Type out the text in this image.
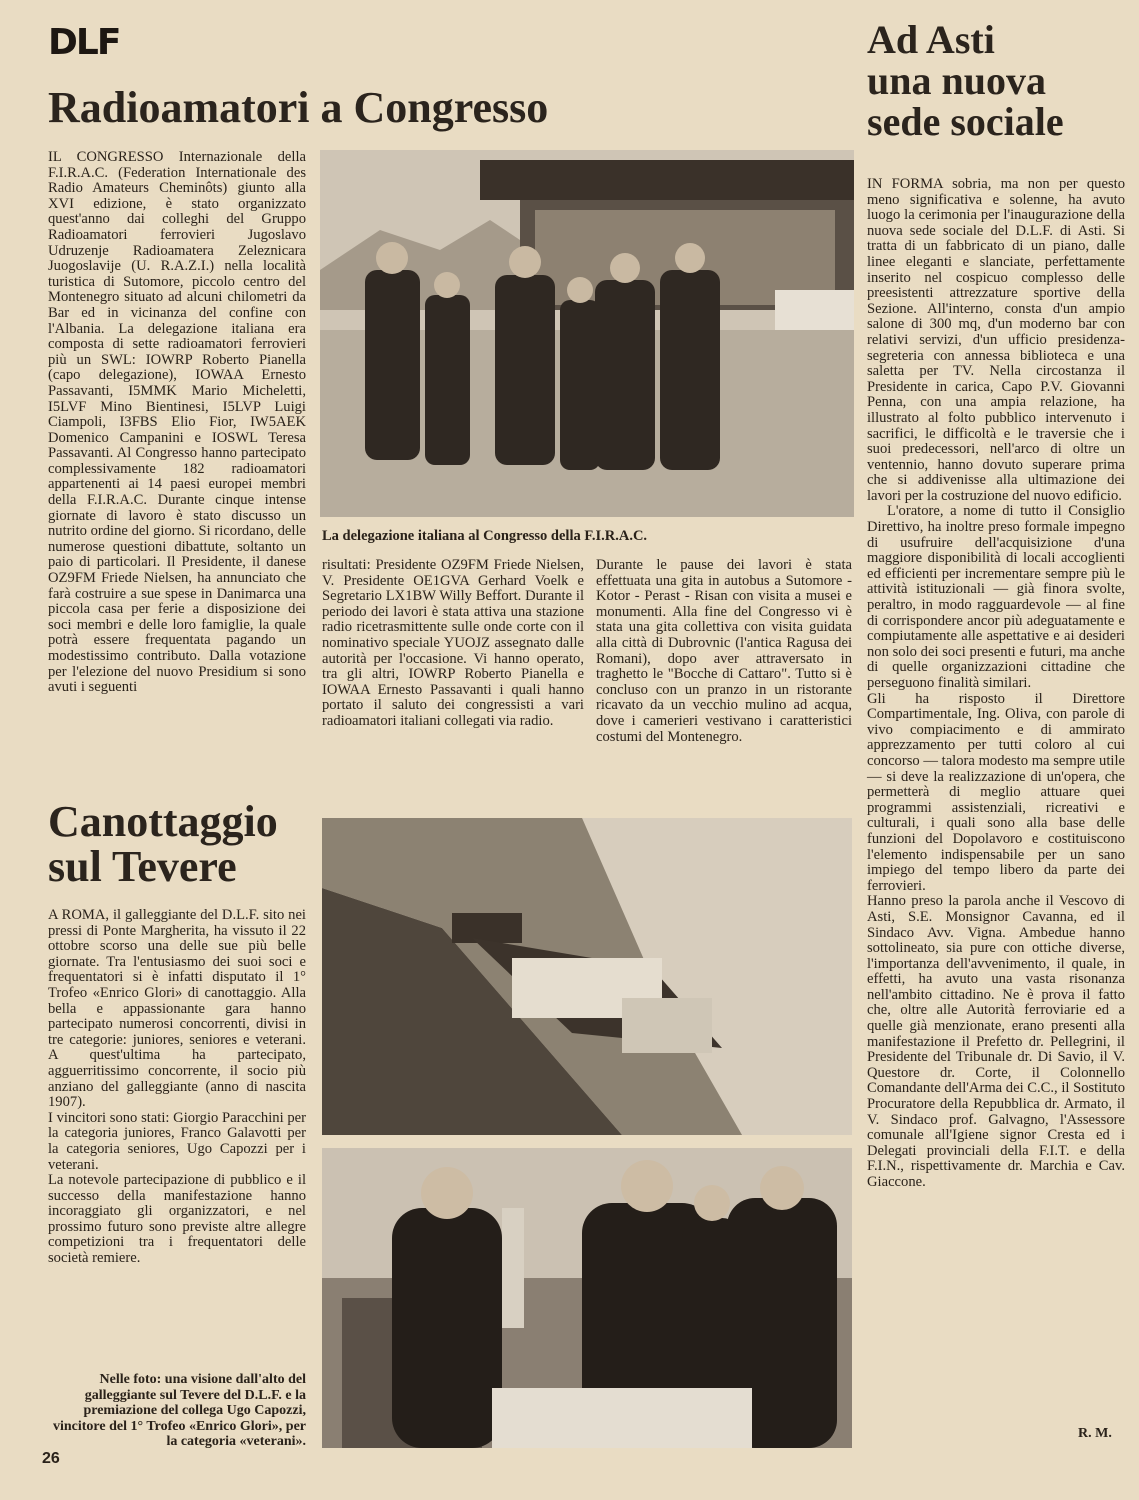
DLF
Radioamatori a Congresso

IL CONGRESSO Internazionale della F.I.R.A.C. (Federation Internationale des Radio Amateurs Cheminôts) giunto alla XVI edizione, è stato organizzato quest'anno dai colleghi del Gruppo Radioamatori ferrovieri Jugoslavo Udruzenje Radioamatera Zeleznicara Juogoslavije (U. R.A.Z.I.) nella località turistica di Sutomore, piccolo centro del Montenegro situato ad alcuni chilometri da Bar ed in vicinanza del confine con l'Albania. La delegazione italiana era composta di sette radioamatori ferrovieri più un SWL: IOWRP Roberto Pianella (capo delegazione), IOWAA Ernesto Passavanti, I5MMK Mario Micheletti, I5LVF Mino Bientinesi, I5LVP Luigi Ciampoli, I3FBS Elio Fior, IW5AEK Domenico Campanini e IOSWL Teresa Passavanti. Al Congresso hanno partecipato complessivamente 182 radioamatori appartenenti ai 14 paesi europei membri della F.I.R.A.C. Durante cinque intense giornate di lavoro è stato discusso un nutrito ordine del giorno. Si ricordano, delle numerose questioni dibattute, soltanto un paio di particolari. Il Presidente, il danese OZ9FM Friede Nielsen, ha annunciato che farà costruire a sue spese in Danimarca una piccola casa per ferie a disposizione dei soci membri e delle loro famiglie, la quale potrà essere frequentata pagando un modestissimo contributo. Dalla votazione per l'elezione del nuovo Presidium si sono avuti i seguenti

La delegazione italiana al Congresso della F.I.R.A.C.

risultati: Presidente OZ9FM Friede Nielsen, V. Presidente OE1GVA Gerhard Voelk e Segretario LX1BW Willy Beffort. Durante il periodo dei lavori è stata attiva una stazione radio ricetrasmittente sulle onde corte con il nominativo speciale YUOJZ assegnato dalle autorità per l'occasione. Vi hanno operato, tra gli altri, IOWRP Roberto Pianella e IOWAA Ernesto Passavanti i quali hanno portato il saluto dei congressisti a vari radioamatori italiani collegati via radio.

Durante le pause dei lavori è stata effettuata una gita in autobus a Sutomore - Kotor - Perast - Risan con visita a musei e monumenti. Alla fine del Congresso vi è stata una gita collettiva con visita guidata alla città di Dubrovnic (l'antica Ragusa dei Romani), dopo aver attraversato in traghetto le "Bocche di Cattaro". Tutto si è concluso con un pranzo in un ristorante ricavato da un vecchio mulino ad acqua, dove i camerieri vestivano i caratteristici costumi del Montenegro.

Ad Asti
una nuova
sede sociale

IN FORMA sobria, ma non per questo meno significativa e solenne, ha avuto luogo la cerimonia per l'inaugurazione della nuova sede sociale del D.L.F. di Asti. Si tratta di un fabbricato di un piano, dalle linee eleganti e slanciate, perfettamente inserito nel cospicuo complesso delle preesistenti attrezzature sportive della Sezione. All'interno, consta d'un ampio salone di 300 mq, d'un moderno bar con relativi servizi, d'un ufficio presidenza-segreteria con annessa biblioteca e una saletta per TV. Nella circostanza il Presidente in carica, Capo P.V. Giovanni Penna, con una ampia relazione, ha illustrato al folto pubblico intervenuto i sacrifici, le difficoltà e le traversie che i suoi predecessori, nell'arco di oltre un ventennio, hanno dovuto superare prima che si addivenisse alla ultimazione dei lavori per la costruzione del nuovo edificio.

L'oratore, a nome di tutto il Consiglio Direttivo, ha inoltre preso formale impegno di usufruire dell'acquisizione d'una maggiore disponibilità di locali accoglienti ed efficienti per incrementare sempre più le attività istituzionali — già finora svolte, peraltro, in modo ragguardevole — al fine di corrispondere ancor più adeguatamente e compiutamente alle aspettative e ai desideri non solo dei soci presenti e futuri, ma anche di quelle organizzazioni cittadine che perseguono finalità similari.

Gli ha risposto il Direttore Compartimentale, Ing. Oliva, con parole di vivo compiacimento e di ammirato apprezzamento per tutti coloro al cui concorso — talora modesto ma sempre utile — si deve la realizzazione di un'opera, che permetterà di meglio attuare quei programmi assistenziali, ricreativi e culturali, i quali sono alla base delle funzioni del Dopolavoro e costituiscono l'elemento indispensabile per un sano impiego del tempo libero da parte dei ferrovieri.

Hanno preso la parola anche il Vescovo di Asti, S.E. Monsignor Cavanna, ed il Sindaco Avv. Vigna. Ambedue hanno sottolineato, sia pure con ottiche diverse, l'importanza dell'avvenimento, il quale, in effetti, ha avuto una vasta risonanza nell'ambito cittadino. Ne è prova il fatto che, oltre alle Autorità ferroviarie ed a quelle già menzionate, erano presenti alla manifestazione il Prefetto dr. Pellegrini, il Presidente del Tribunale dr. Di Savio, il V. Questore dr. Corte, il Colonnello Comandante dell'Arma dei C.C., il Sostituto Procuratore della Repubblica dr. Armato, il V. Sindaco prof. Galvagno, l'Assessore comunale all'Igiene signor Cresta ed i Delegati provinciali della F.I.T. e della F.I.N., rispettivamente dr. Marchia e Cav. Giaccone.

R. M.
Canottaggio
sul Tevere

A ROMA, il galleggiante del D.L.F. sito nei pressi di Ponte Margherita, ha vissuto il 22 ottobre scorso una delle sue più belle giornate. Tra l'entusiasmo dei suoi soci e frequentatori si è infatti disputato il 1° Trofeo «Enrico Glori» di canottaggio. Alla bella e appassionante gara hanno partecipato numerosi concorrenti, divisi in tre categorie: juniores, seniores e veterani. A quest'ultima ha partecipato, agguerritissimo concorrente, il socio più anziano del galleggiante (anno di nascita 1907).

I vincitori sono stati: Giorgio Paracchini per la categoria juniores, Franco Galavotti per la categoria seniores, Ugo Capozzi per i veterani.

La notevole partecipazione di pubblico e il successo della manifestazione hanno incoraggiato gli organizzatori, e nel prossimo futuro sono previste altre allegre competizioni tra i frequentatori delle società remiere.

Nelle foto: una visione dall'alto del galleggiante sul Tevere del D.L.F. e la premiazione del collega Ugo Capozzi, vincitore del 1° Trofeo «Enrico Glori», per la categoria «veterani».
26
